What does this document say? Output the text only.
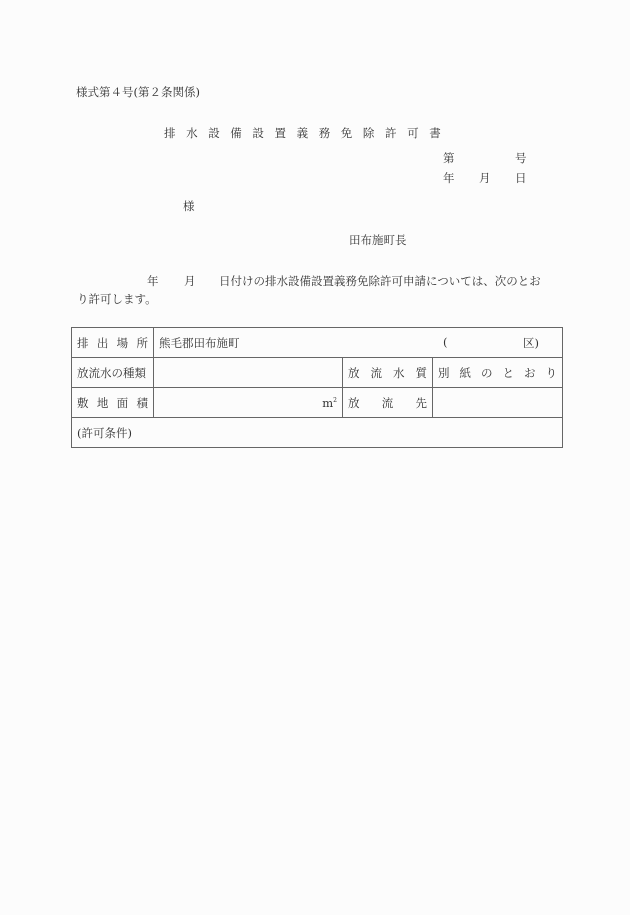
様式第４号(第２条関係)
排水設備設置義務免除許可書
第	号
年 月 日
様
田布施町長
年 月 日付けの排水設備設置義務免除許可申請については、次のとお
り許可します。
排 出 場 所	熊毛郡田布施町 ( 区)		

放流水の種類		放 流 水 質	別 紙 の と お り

敷 地 面 積	$m^2$	放 流 先	

(許可条件)			
